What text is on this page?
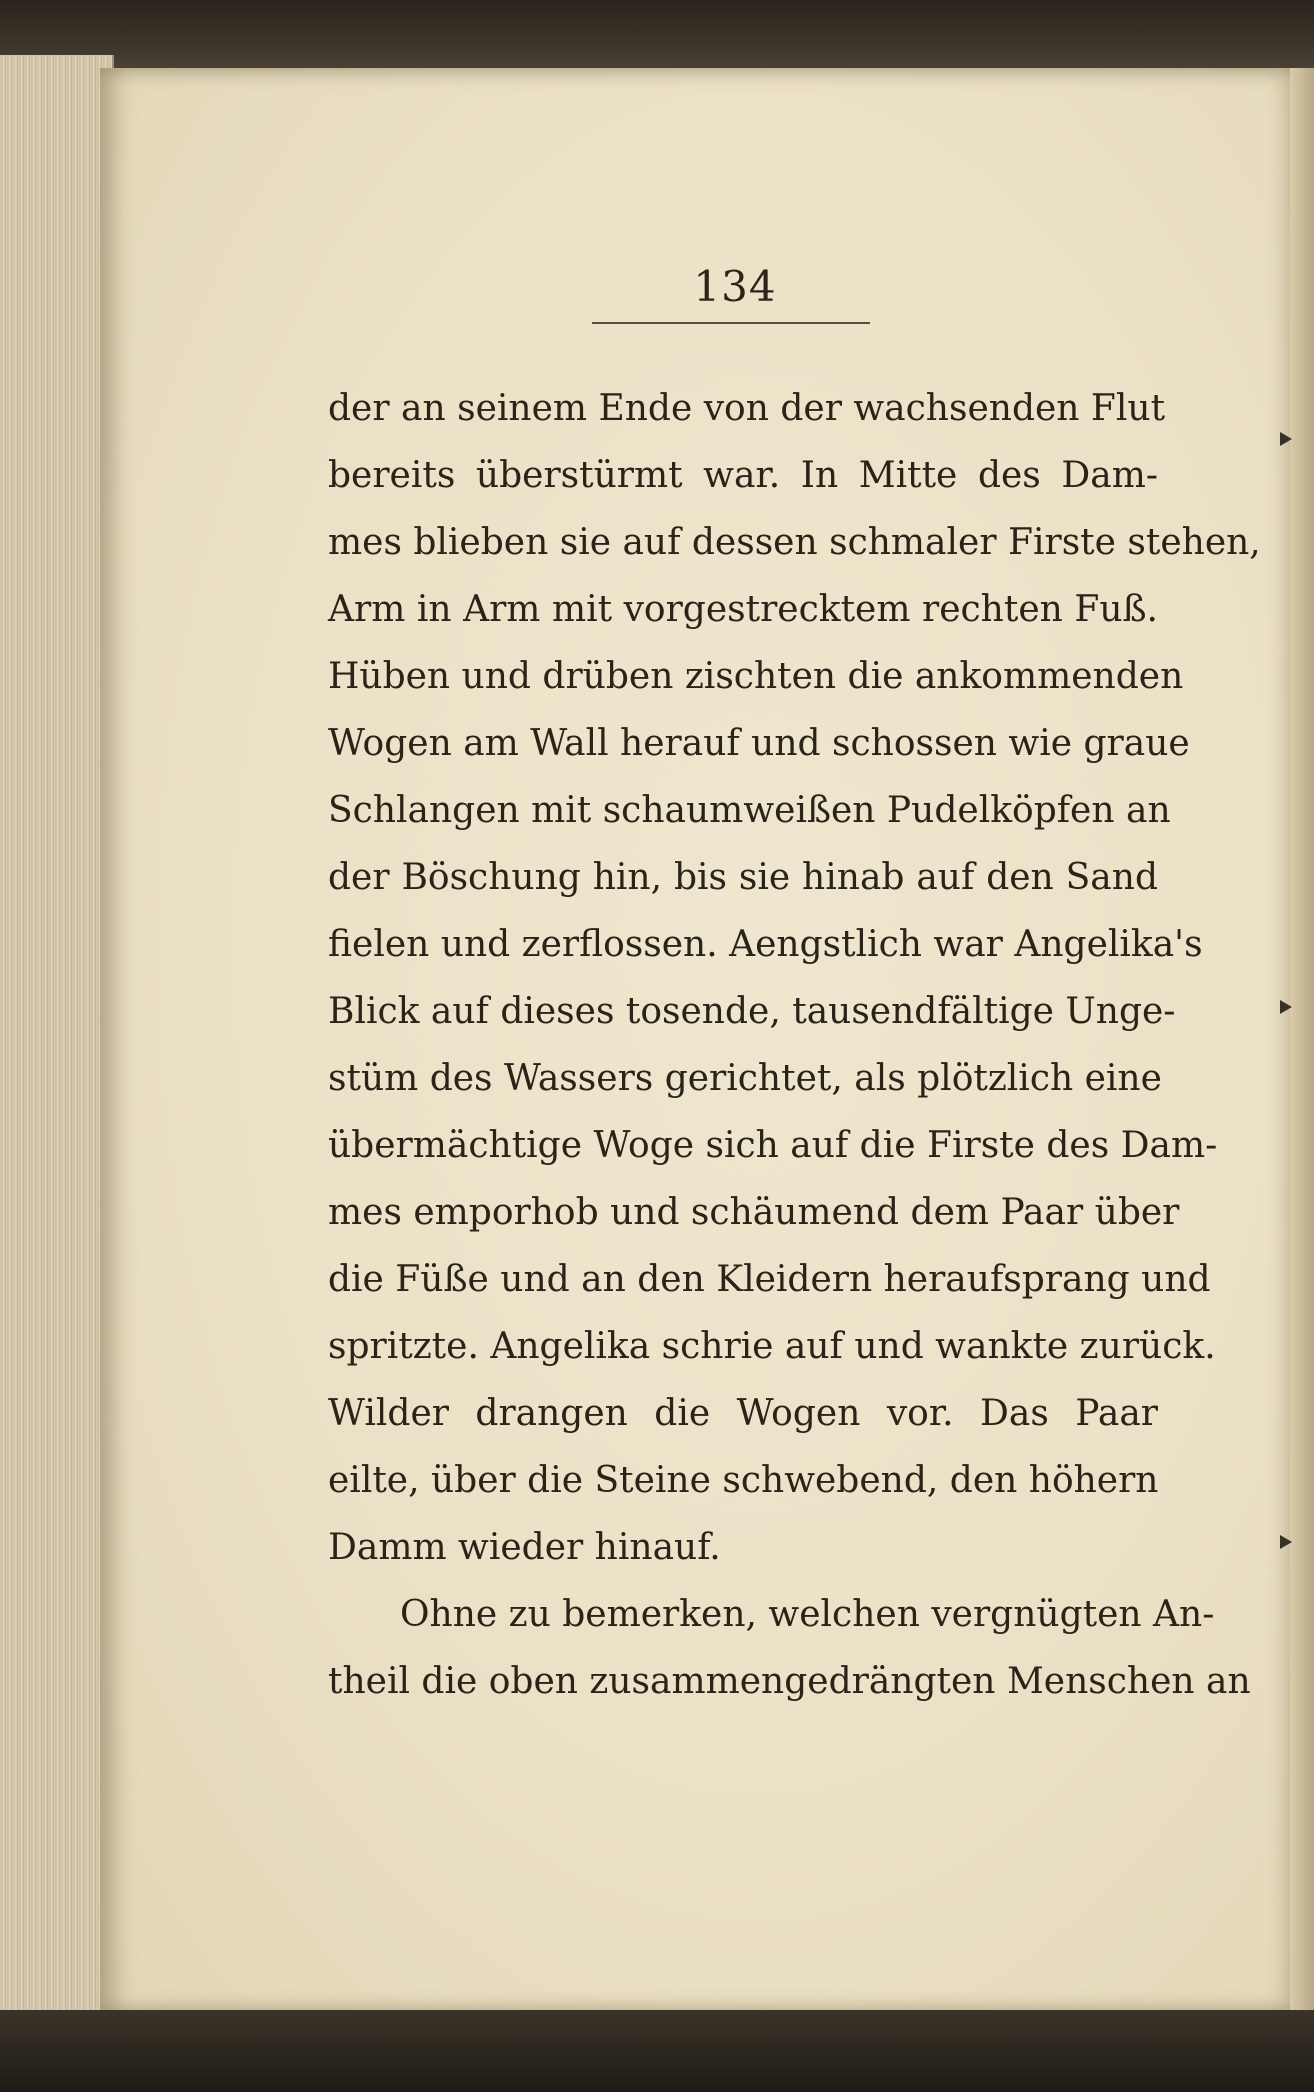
134
der an seinem Ende von der wachsenden Flut
bereits überstürmt war. In Mitte des Dam-
mes blieben sie auf dessen schmaler Firste stehen,
Arm in Arm mit vorgestrecktem rechten Fuß.
Hüben und drüben zischten die ankommenden
Wogen am Wall herauf und schossen wie graue
Schlangen mit schaumweißen Pudelköpfen an
der Böschung hin, bis sie hinab auf den Sand
fielen und zerflossen. Aengstlich war Angelika's
Blick auf dieses tosende, tausendfältige Unge-
stüm des Wassers gerichtet, als plötzlich eine
übermächtige Woge sich auf die Firste des Dam-
mes emporhob und schäumend dem Paar über
die Füße und an den Kleidern heraufsprang und
spritzte. Angelika schrie auf und wankte zurück.
Wilder drangen die Wogen vor. Das Paar
eilte, über die Steine schwebend, den höhern
Damm wieder hinauf.
Ohne zu bemerken, welchen vergnügten An-
theil die oben zusammengedrängten Menschen an
